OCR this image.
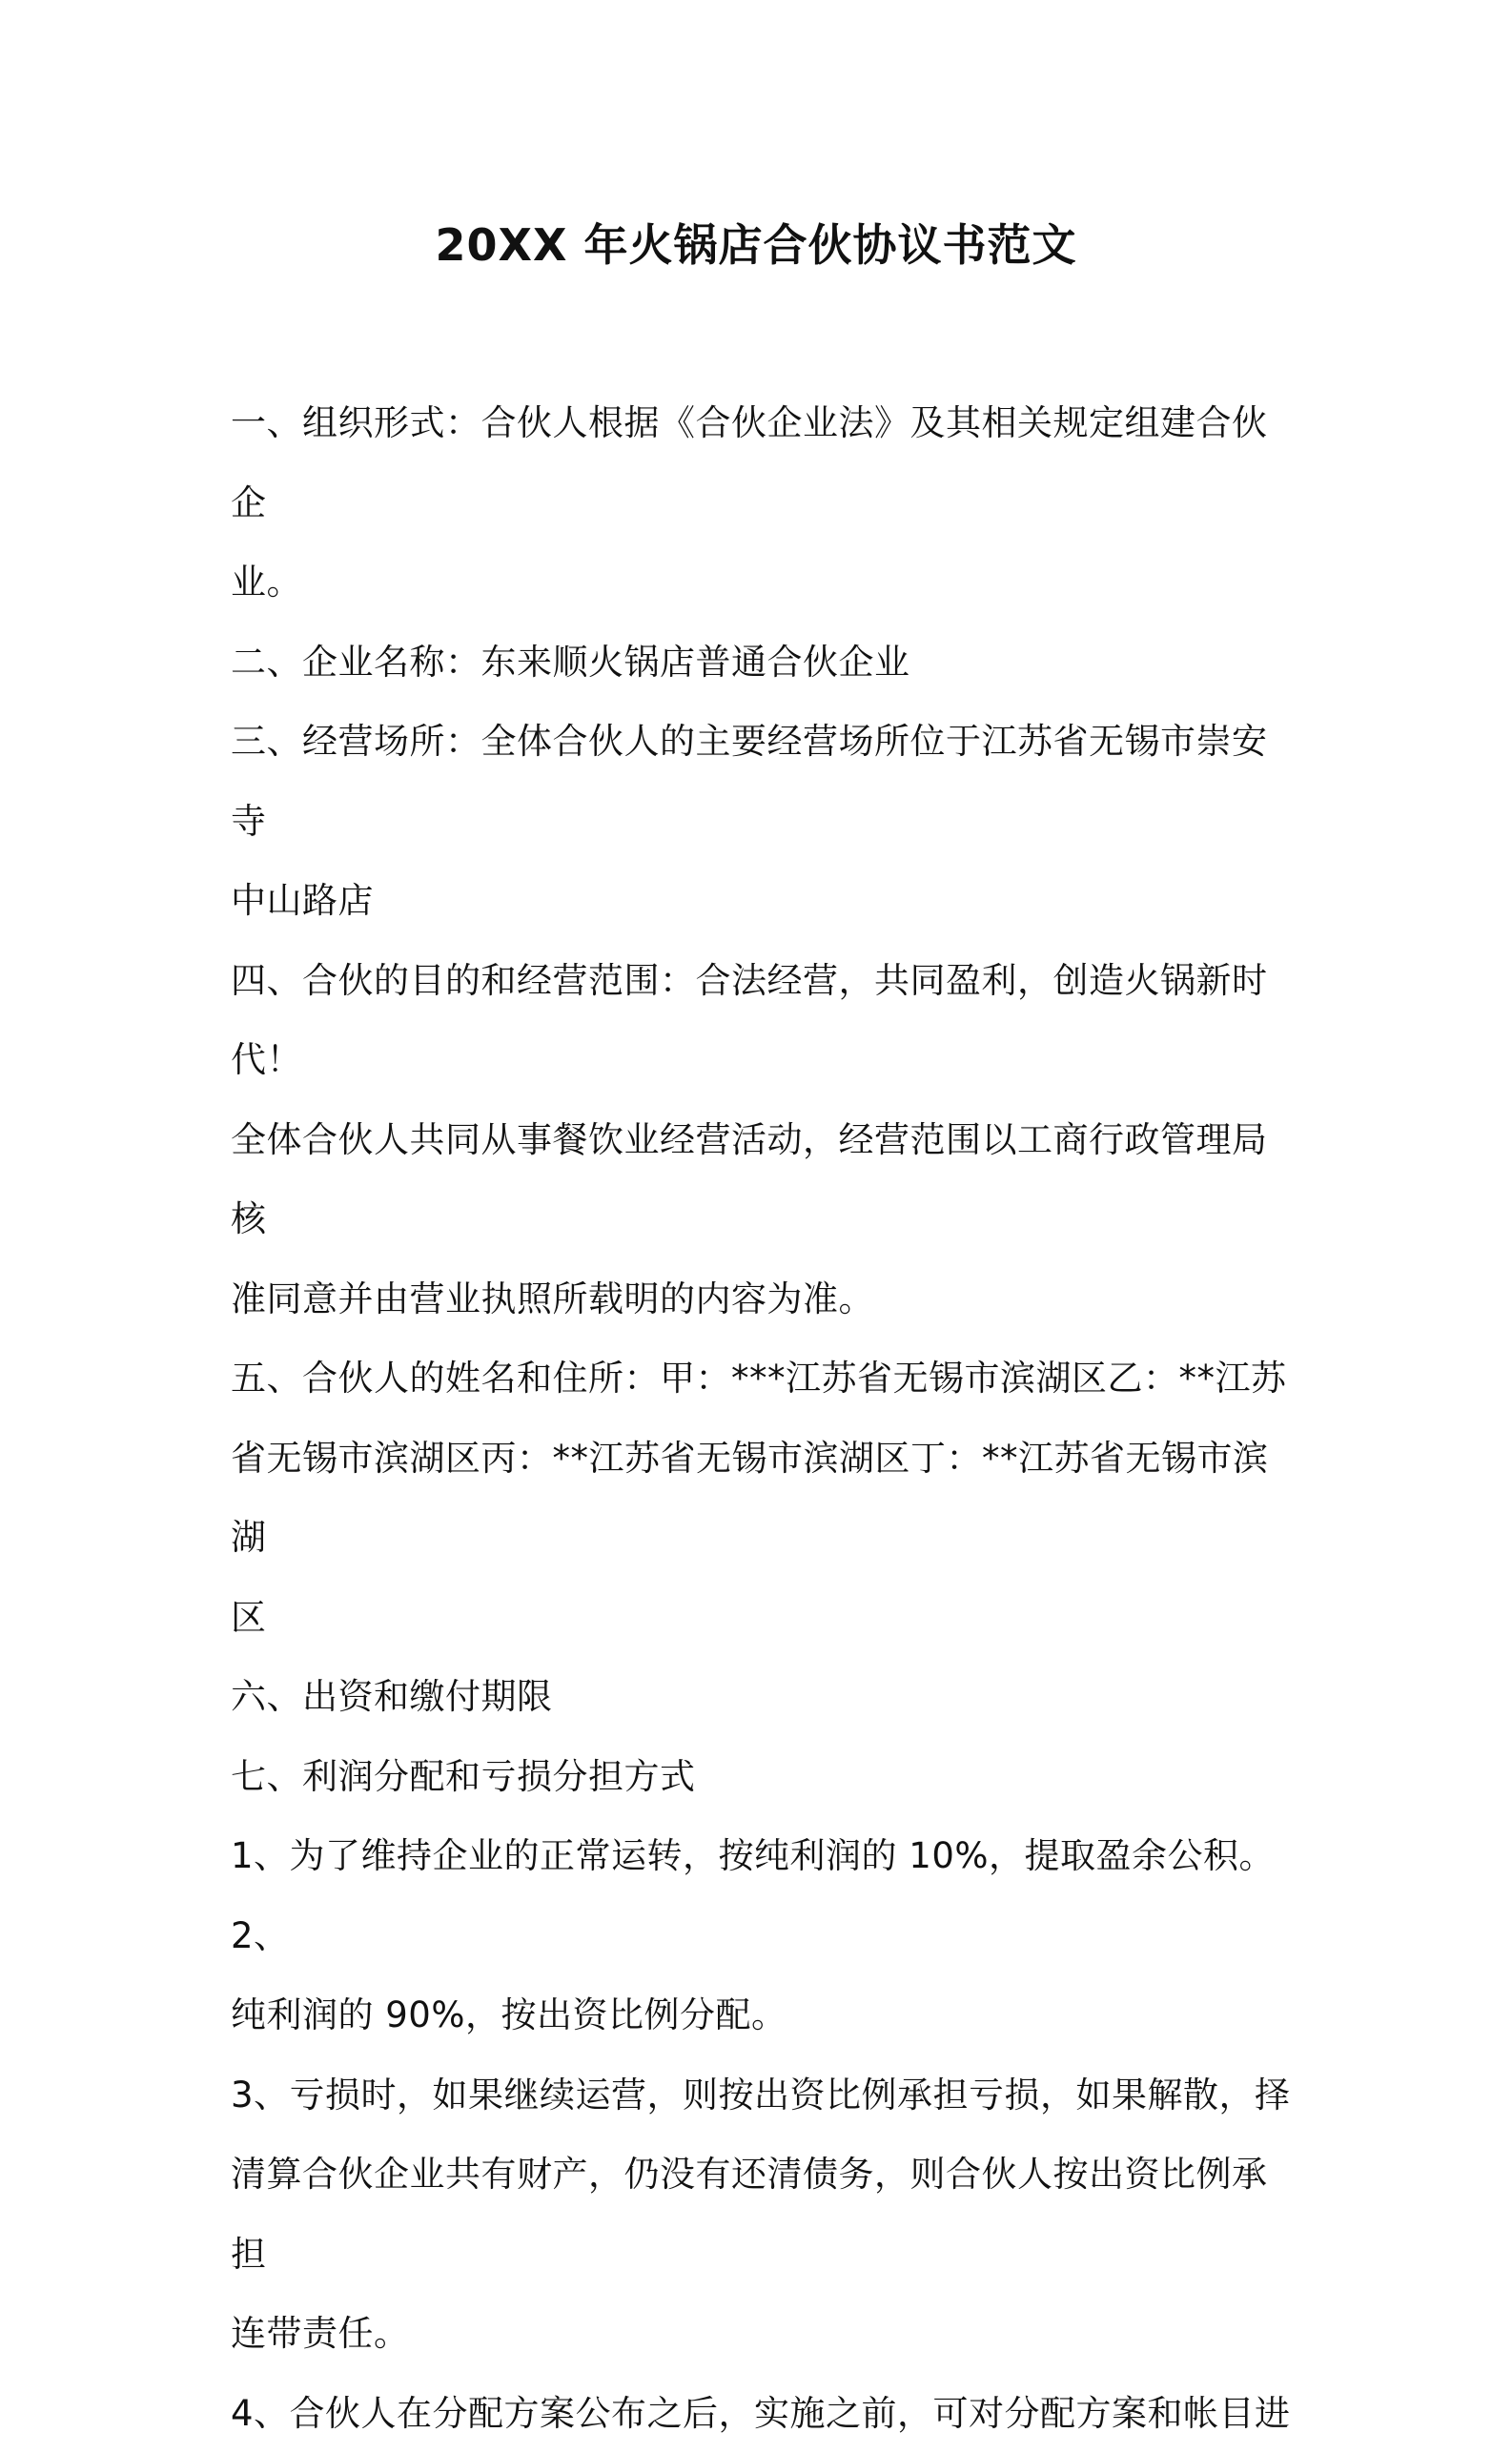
20XX 年火锅店合伙协议书范文

一、组织形式：合伙人根据《合伙企业法》及其相关规定组建合伙企
业。

二、企业名称：东来顺火锅店普通合伙企业

三、经营场所：全体合伙人的主要经营场所位于江苏省无锡市崇安寺
中山路店

四、合伙的目的和经营范围：合法经营，共同盈利，创造火锅新时代！
全体合伙人共同从事餐饮业经营活动，经营范围以工商行政管理局核
准同意并由营业执照所载明的内容为准。

五、合伙人的姓名和住所：甲：***江苏省无锡市滨湖区乙：**江苏
省无锡市滨湖区丙：**江苏省无锡市滨湖区丁：**江苏省无锡市滨湖
区

六、出资和缴付期限

七、利润分配和亏损分担方式

1、为了维持企业的正常运转，按纯利润的 10%，提取盈余公积。2、
纯利润的 90%，按出资比例分配。

3、亏损时，如果继续运营，则按出资比例承担亏损，如果解散，择
清算合伙企业共有财产，仍没有还清债务，则合伙人按出资比例承担
连带责任。

4、合伙人在分配方案公布之后，实施之前，可对分配方案和帐目进
